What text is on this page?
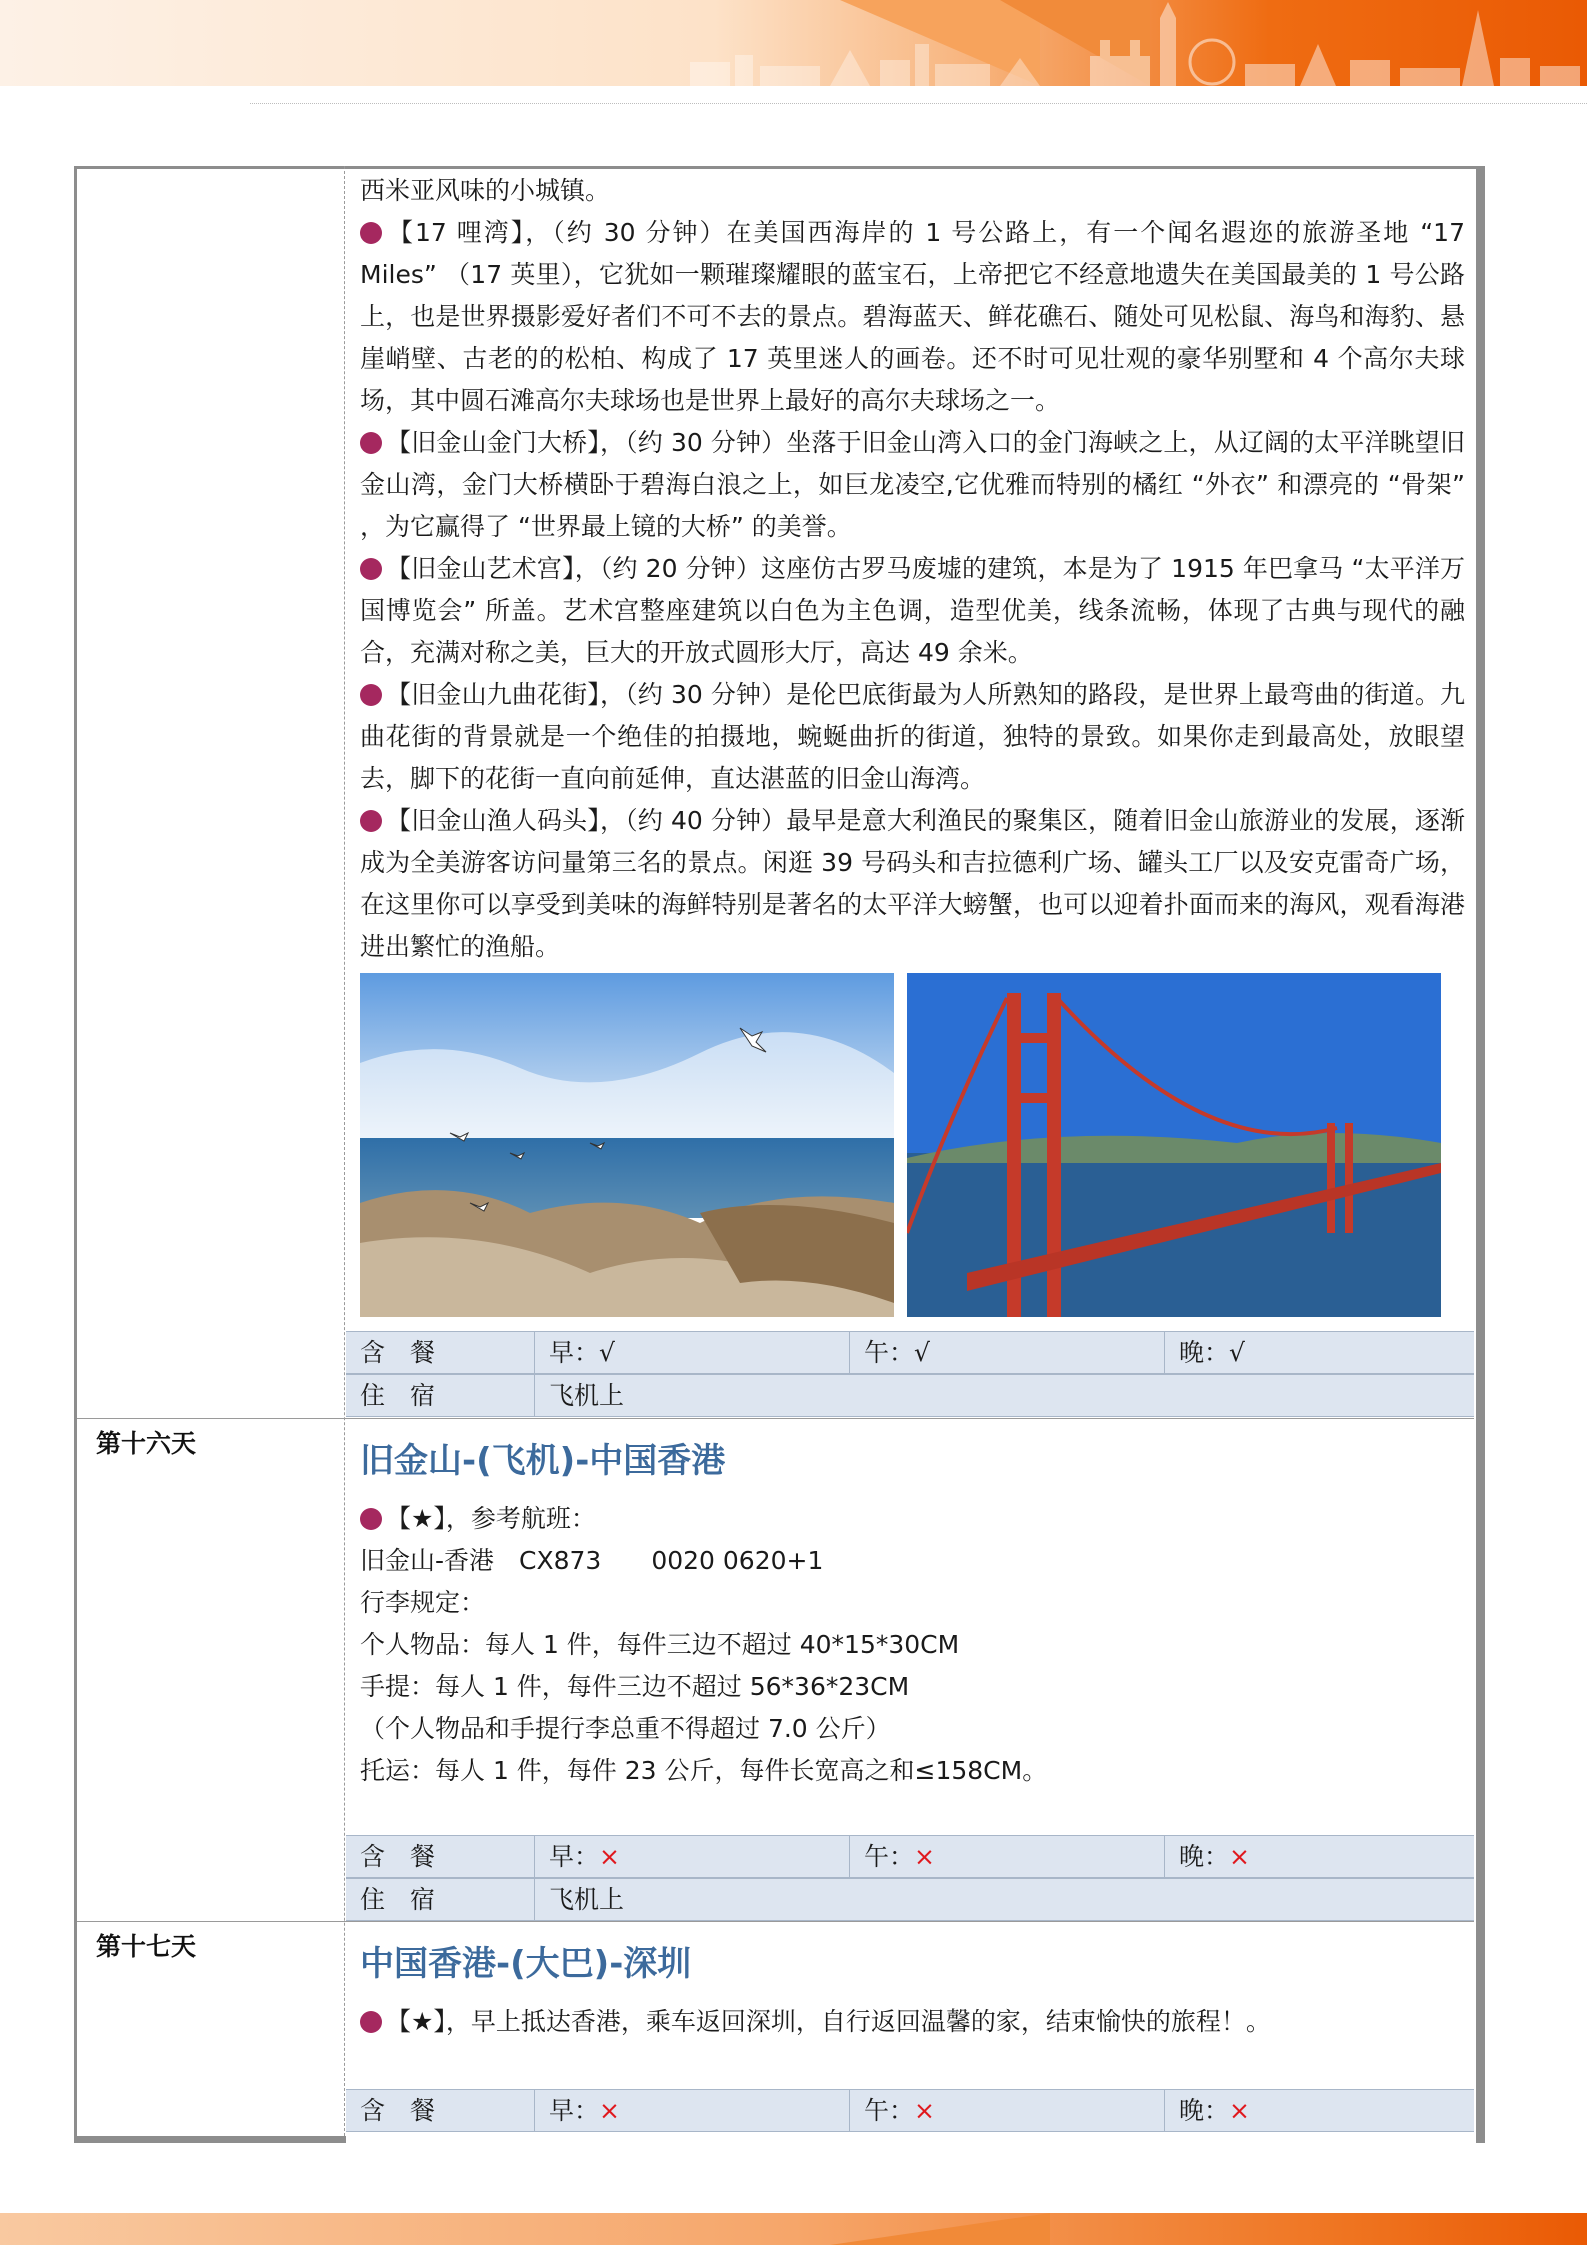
西米亚风味的小城镇。
【17 哩湾】，（约 30 分钟）在美国西海岸的 1 号公路上，有一个闻名遐迩的旅游圣地 “17 Miles” （17 英里），它犹如一颗璀璨耀眼的蓝宝石，上帝把它不经意地遗失在美国最美的 1 号公路上，也是世界摄影爱好者们不可不去的景点。碧海蓝天、鲜花礁石、随处可见松鼠、海鸟和海豹、悬崖峭壁、古老的的松柏、构成了 17 英里迷人的画卷。还不时可见壮观的豪华别墅和 4 个高尔夫球场，其中圆石滩高尔夫球场也是世界上最好的高尔夫球场之一。
【旧金山金门大桥】，（约 30 分钟）坐落于旧金山湾入口的金门海峡之上，从辽阔的太平洋眺望旧金山湾，金门大桥横卧于碧海白浪之上，如巨龙凌空,它优雅而特别的橘红 “外衣” 和漂亮的 “骨架” ，为它赢得了 “世界最上镜的大桥” 的美誉。
【旧金山艺术宫】，（约 20 分钟）这座仿古罗马废墟的建筑，本是为了 1915 年巴拿马 “太平洋万国博览会” 所盖。艺术宫整座建筑以白色为主色调，造型优美，线条流畅，体现了古典与现代的融合，充满对称之美，巨大的开放式圆形大厅，高达 49 余米。
【旧金山九曲花街】，（约 30 分钟）是伦巴底街最为人所熟知的路段，是世界上最弯曲的街道。九曲花街的背景就是一个绝佳的拍摄地，蜿蜒曲折的街道，独特的景致。如果你走到最高处，放眼望去，脚下的花街一直向前延伸，直达湛蓝的旧金山海湾。
【旧金山渔人码头】，（约 40 分钟）最早是意大利渔民的聚集区，随着旧金山旅游业的发展，逐渐成为全美游客访问量第三名的景点。闲逛 39 号码头和吉拉德利广场、罐头工厂以及安克雷奇广场，在这里你可以享受到美味的海鲜特别是著名的太平洋大螃蟹，也可以迎着扑面而来的海风，观看海港进出繁忙的渔船。
含　餐	早：√	午：√	晚：√
住　宿	飞机上
第十六天	旧金山-(飞机)-中国香港
【★】，参考航班：
旧金山-香港　CX873　　0020 0620+1
行李规定：
个人物品：每人 1 件，每件三边不超过 40*15*30CM
手提：每人 1 件，每件三边不超过 56*36*23CM
（个人物品和手提行李总重不得超过 7.0 公斤）
托运：每人 1 件，每件 23 公斤，每件长宽高之和≤158CM。
含　餐	早：×	午：×	晚：×
住　宿	飞机上
第十七天	中国香港-(大巴)-深圳
【★】，早上抵达香港，乘车返回深圳，自行返回温馨的家，结束愉快的旅程！。
含　餐	早：×	午：×	晚：×
